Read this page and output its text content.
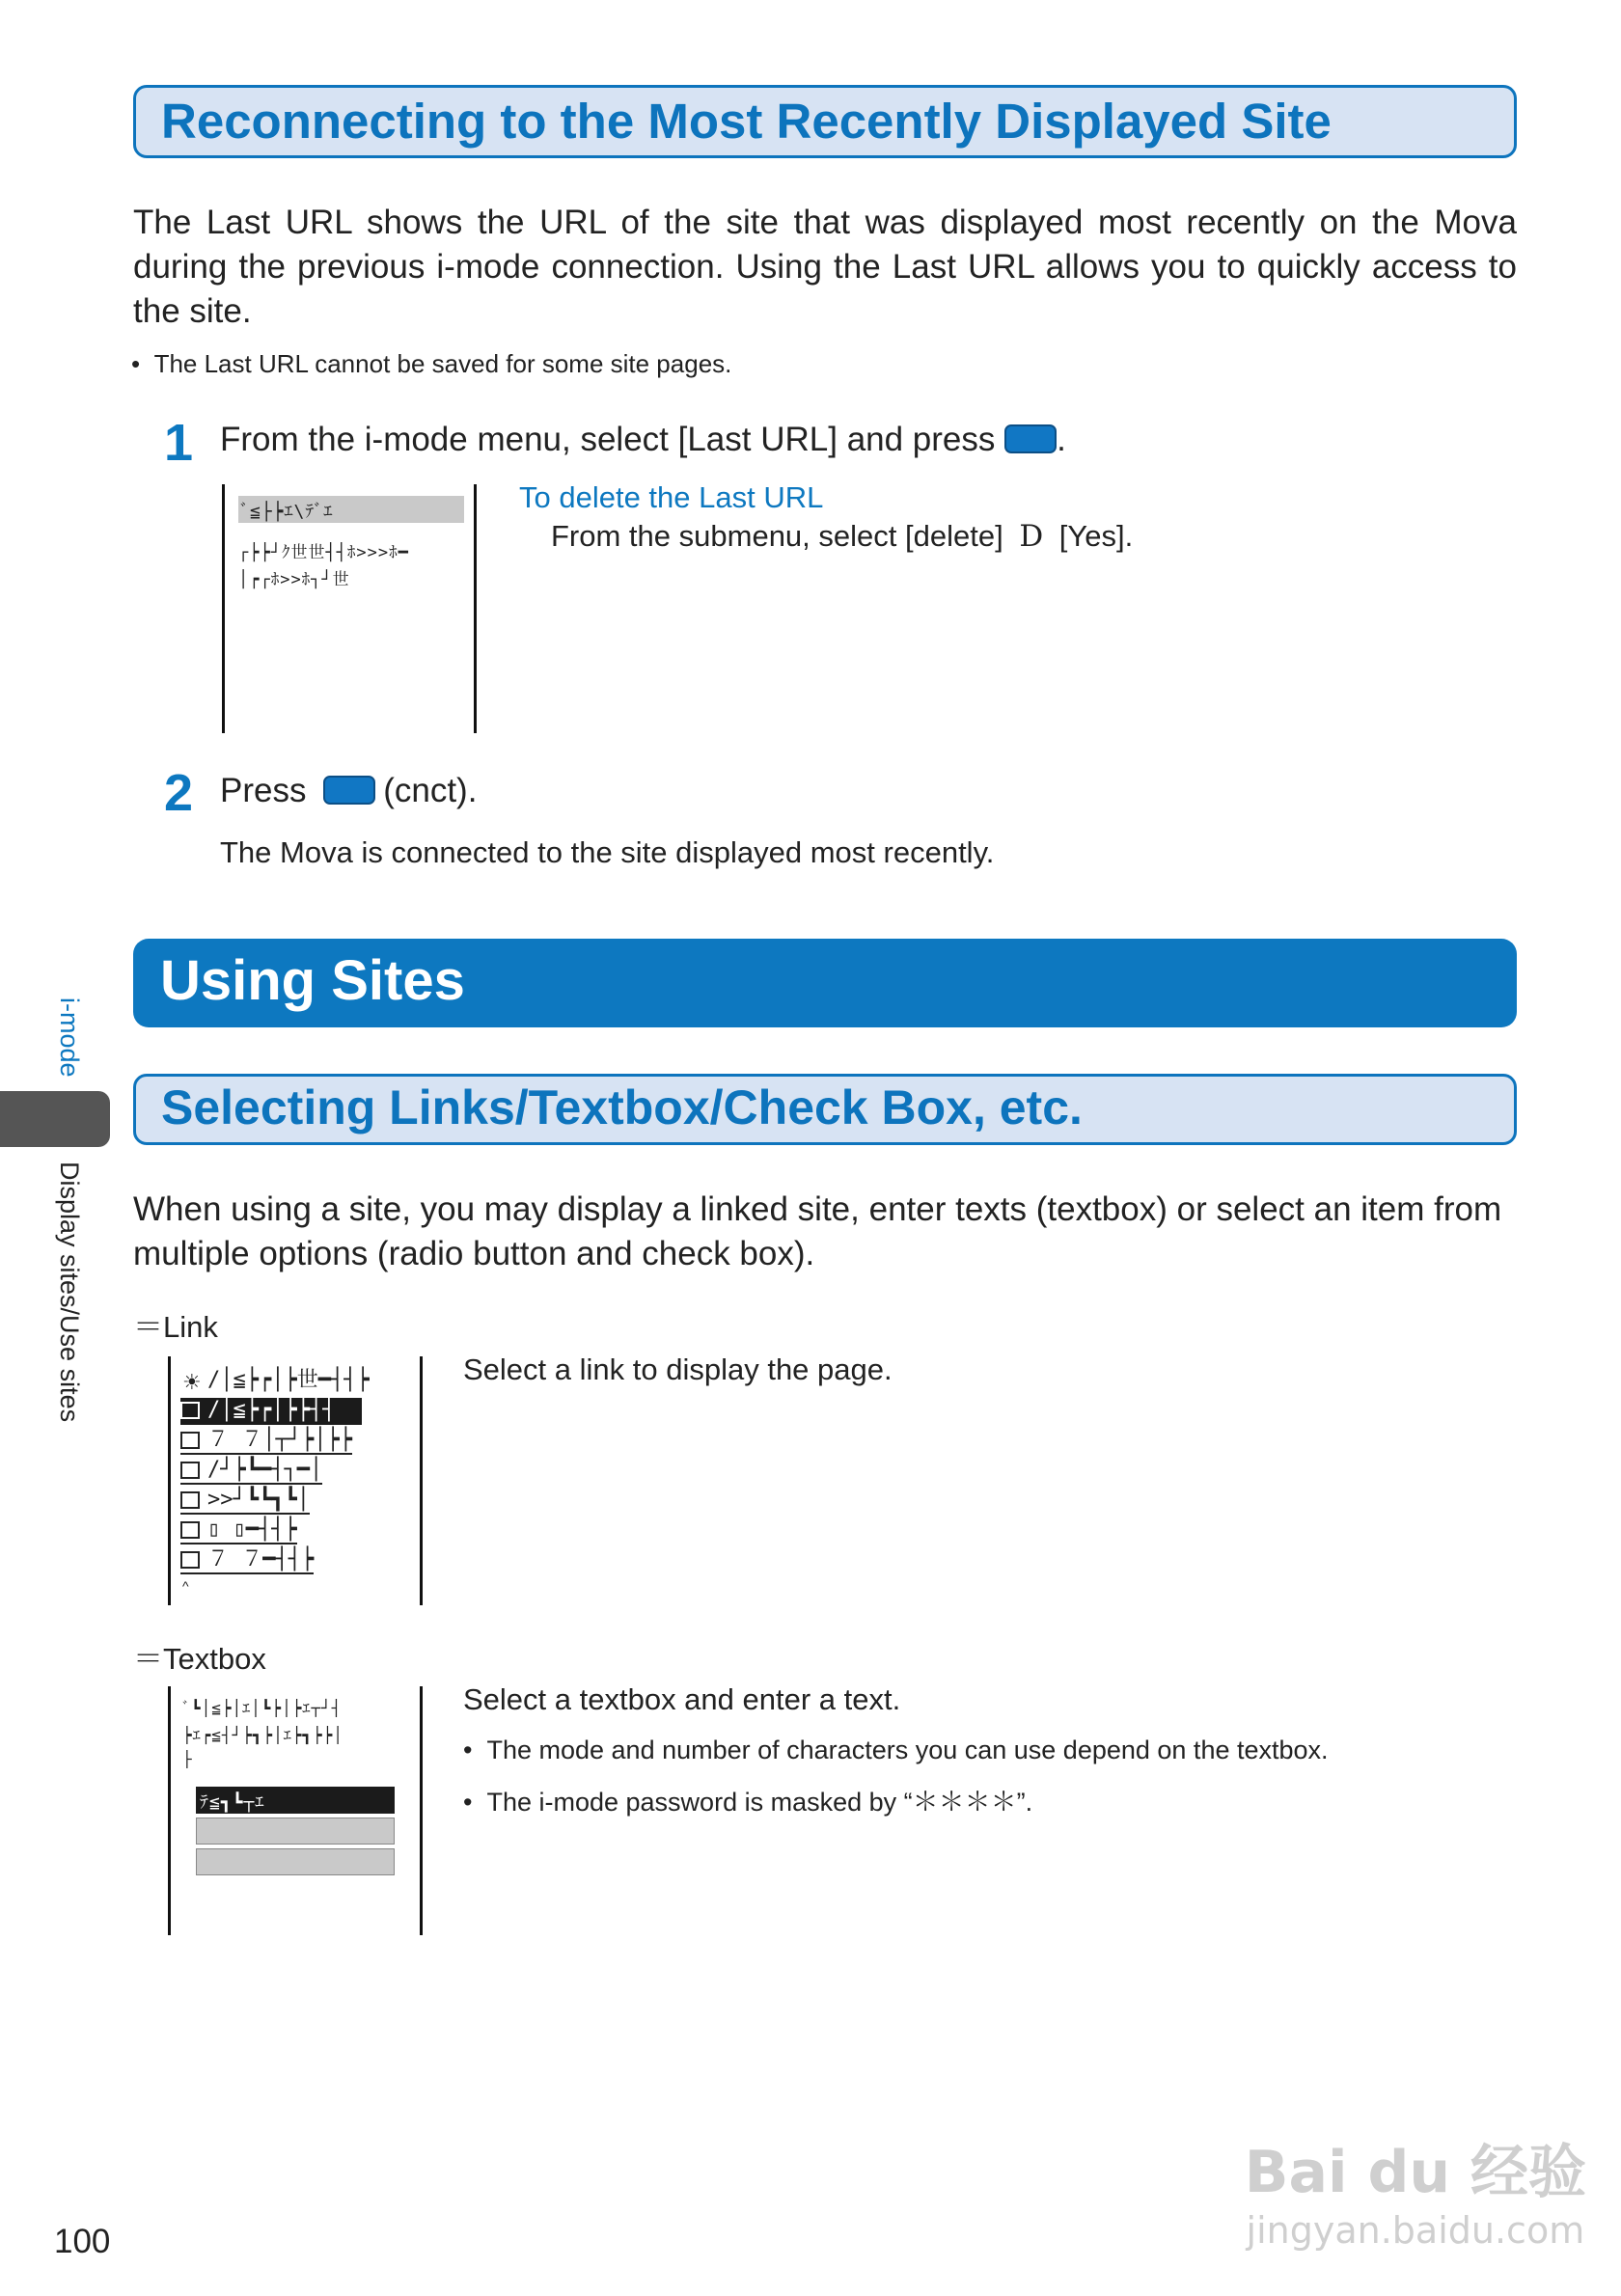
Reconnecting to the Most Recently Displayed Site
The Last URL shows the URL of the site that was displayed most recently on the Mova during the previous i-mode connection. Using the Last URL allows you to quickly access to the site.
•  The Last URL cannot be saved for some site pages.
1 From the i-mode menu, select [Last URL] and press .
ﾞ≦├┝ｴ\ﾃﾞｴ
┌┝┝┘ｸ世世┤┤ﾎ>>>ﾎ━
│┍┌ﾎ>>ﾎ┐┘世
To delete the Last URL
From the submenu, select [delete] D [Yes].
2 Press (cnct).
The Mova is connected to the site displayed most recently.
Using Sites
Selecting Links/Textbox/Check Box, etc.
When using a site, you may display a linked site, enter texts (textbox) or select an item from multiple options (radio button and check box).
＝Link
☀ /│≦┝┍│┝世━┤┤┝
/│≦┝┍│┝┝┤┤
７ ７│┬┘┝│┝┝
/┘┝┗━┤┐━│
>>┘┗┗┓┗│
▯ ▯━┤┤┝
７ ７━┤┤┝
^
Select a link to display the page.
＝Textbox
ﾞ┗│≦┝│ｴ│┗┝│┝ｴ┬┘┤
┝ｴ┍≦┤┘┝┓┝│ｴ┝┓┝┝│
├
ﾃ≦┓┗┬ｴ
Select a textbox and enter a text.
•  The mode and number of characters you can use depend on the textbox.
•  The i-mode password is masked by “＊＊＊＊”.
i-mode
Display sites/Use sites
100
Bai du 经验
jingyan.baidu.com
